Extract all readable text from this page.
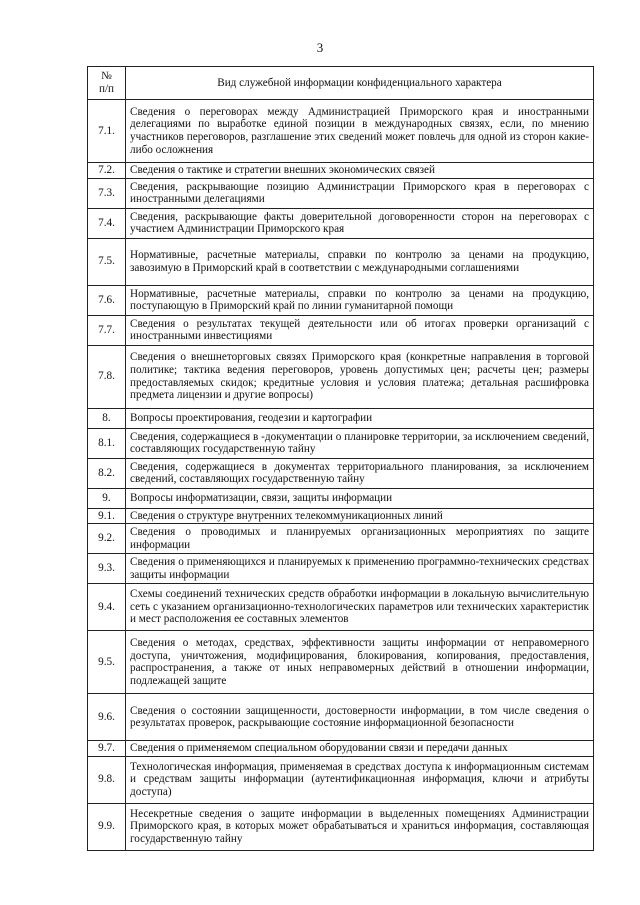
3
№
п/п	Вид служебной информации конфиденциального характера
7.1.	Сведения о переговорах между Администрацией Приморского края и иностранными делегациями по выработке единой позиции в международных связях, если, по мнению участников переговоров, разглашение этих сведений может повлечь для одной из сторон какие-либо осложнения
7.2.	Сведения о тактике и стратегии внешних экономических связей
7.3.	Сведения, раскрывающие позицию Администрации Приморского края в переговорах с иностранными делегациями
7.4.	Сведения, раскрывающие факты доверительной договоренности сторон на переговорах с участием Администрации Приморского края
7.5.	Нормативные, расчетные материалы, справки по контролю за ценами на продукцию, завозимую в Приморский край в соответствии с международными соглашениями
7.6.	Нормативные, расчетные материалы, справки по контролю за ценами на продукцию, поступающую в Приморский край по линии гуманитарной помощи
7.7.	Сведения о результатах текущей деятельности или об итогах проверки организаций с иностранными инвестициями
7.8.	Сведения о внешнеторговых связях Приморского края (конкретные направления в торговой политике; тактика ведения переговоров, уровень допустимых цен; расчеты цен; размеры предоставляемых скидок; кредитные условия и условия платежа; детальная расшифровка предмета лицензии и другие вопросы)
8.	Вопросы проектирования, геодезии и картографии
8.1.	Сведения, содержащиеся в -документации о планировке территории, за исключением сведений, составляющих государственную тайну
8.2.	Сведения, содержащиеся в документах территориального планирования, за исключением сведений, составляющих государственную тайну
9.	Вопросы информатизации, связи, защиты информации
9.1.	Сведения о структуре внутренних телекоммуникационных линий
9.2.	Сведения о проводимых и планируемых организационных мероприятиях по защите информации
9.3.	Сведения о применяющихся и планируемых к применению программно-технических средствах защиты информации
9.4.	Схемы соединений технических средств обработки информации в локальную вычислительную сеть с указанием организационно-технологических параметров или технических характеристик и мест расположения ее составных элементов
9.5.	Сведения о методах, средствах, эффективности защиты информации от неправомерного доступа, уничтожения, модифицирования, блокирования, копирования, предоставления, распространения, а также от иных неправомерных действий в отношении информации, подлежащей защите
9.6.	Сведения о состоянии защищенности, достоверности информации, в том числе сведения о результатах проверок, раскрывающие состояние информационной безопасности
9.7.	Сведения о применяемом специальном оборудовании связи и передачи данных
9.8.	Технологическая информация, применяемая в средствах доступа к информационным системам и средствам защиты информации (аутентификационная информация, ключи и атрибуты доступа)
9.9.	Несекретные сведения о защите информации в выделенных помещениях Администрации Приморского края, в которых может обрабатываться и храниться информация, составляющая государственную тайну
